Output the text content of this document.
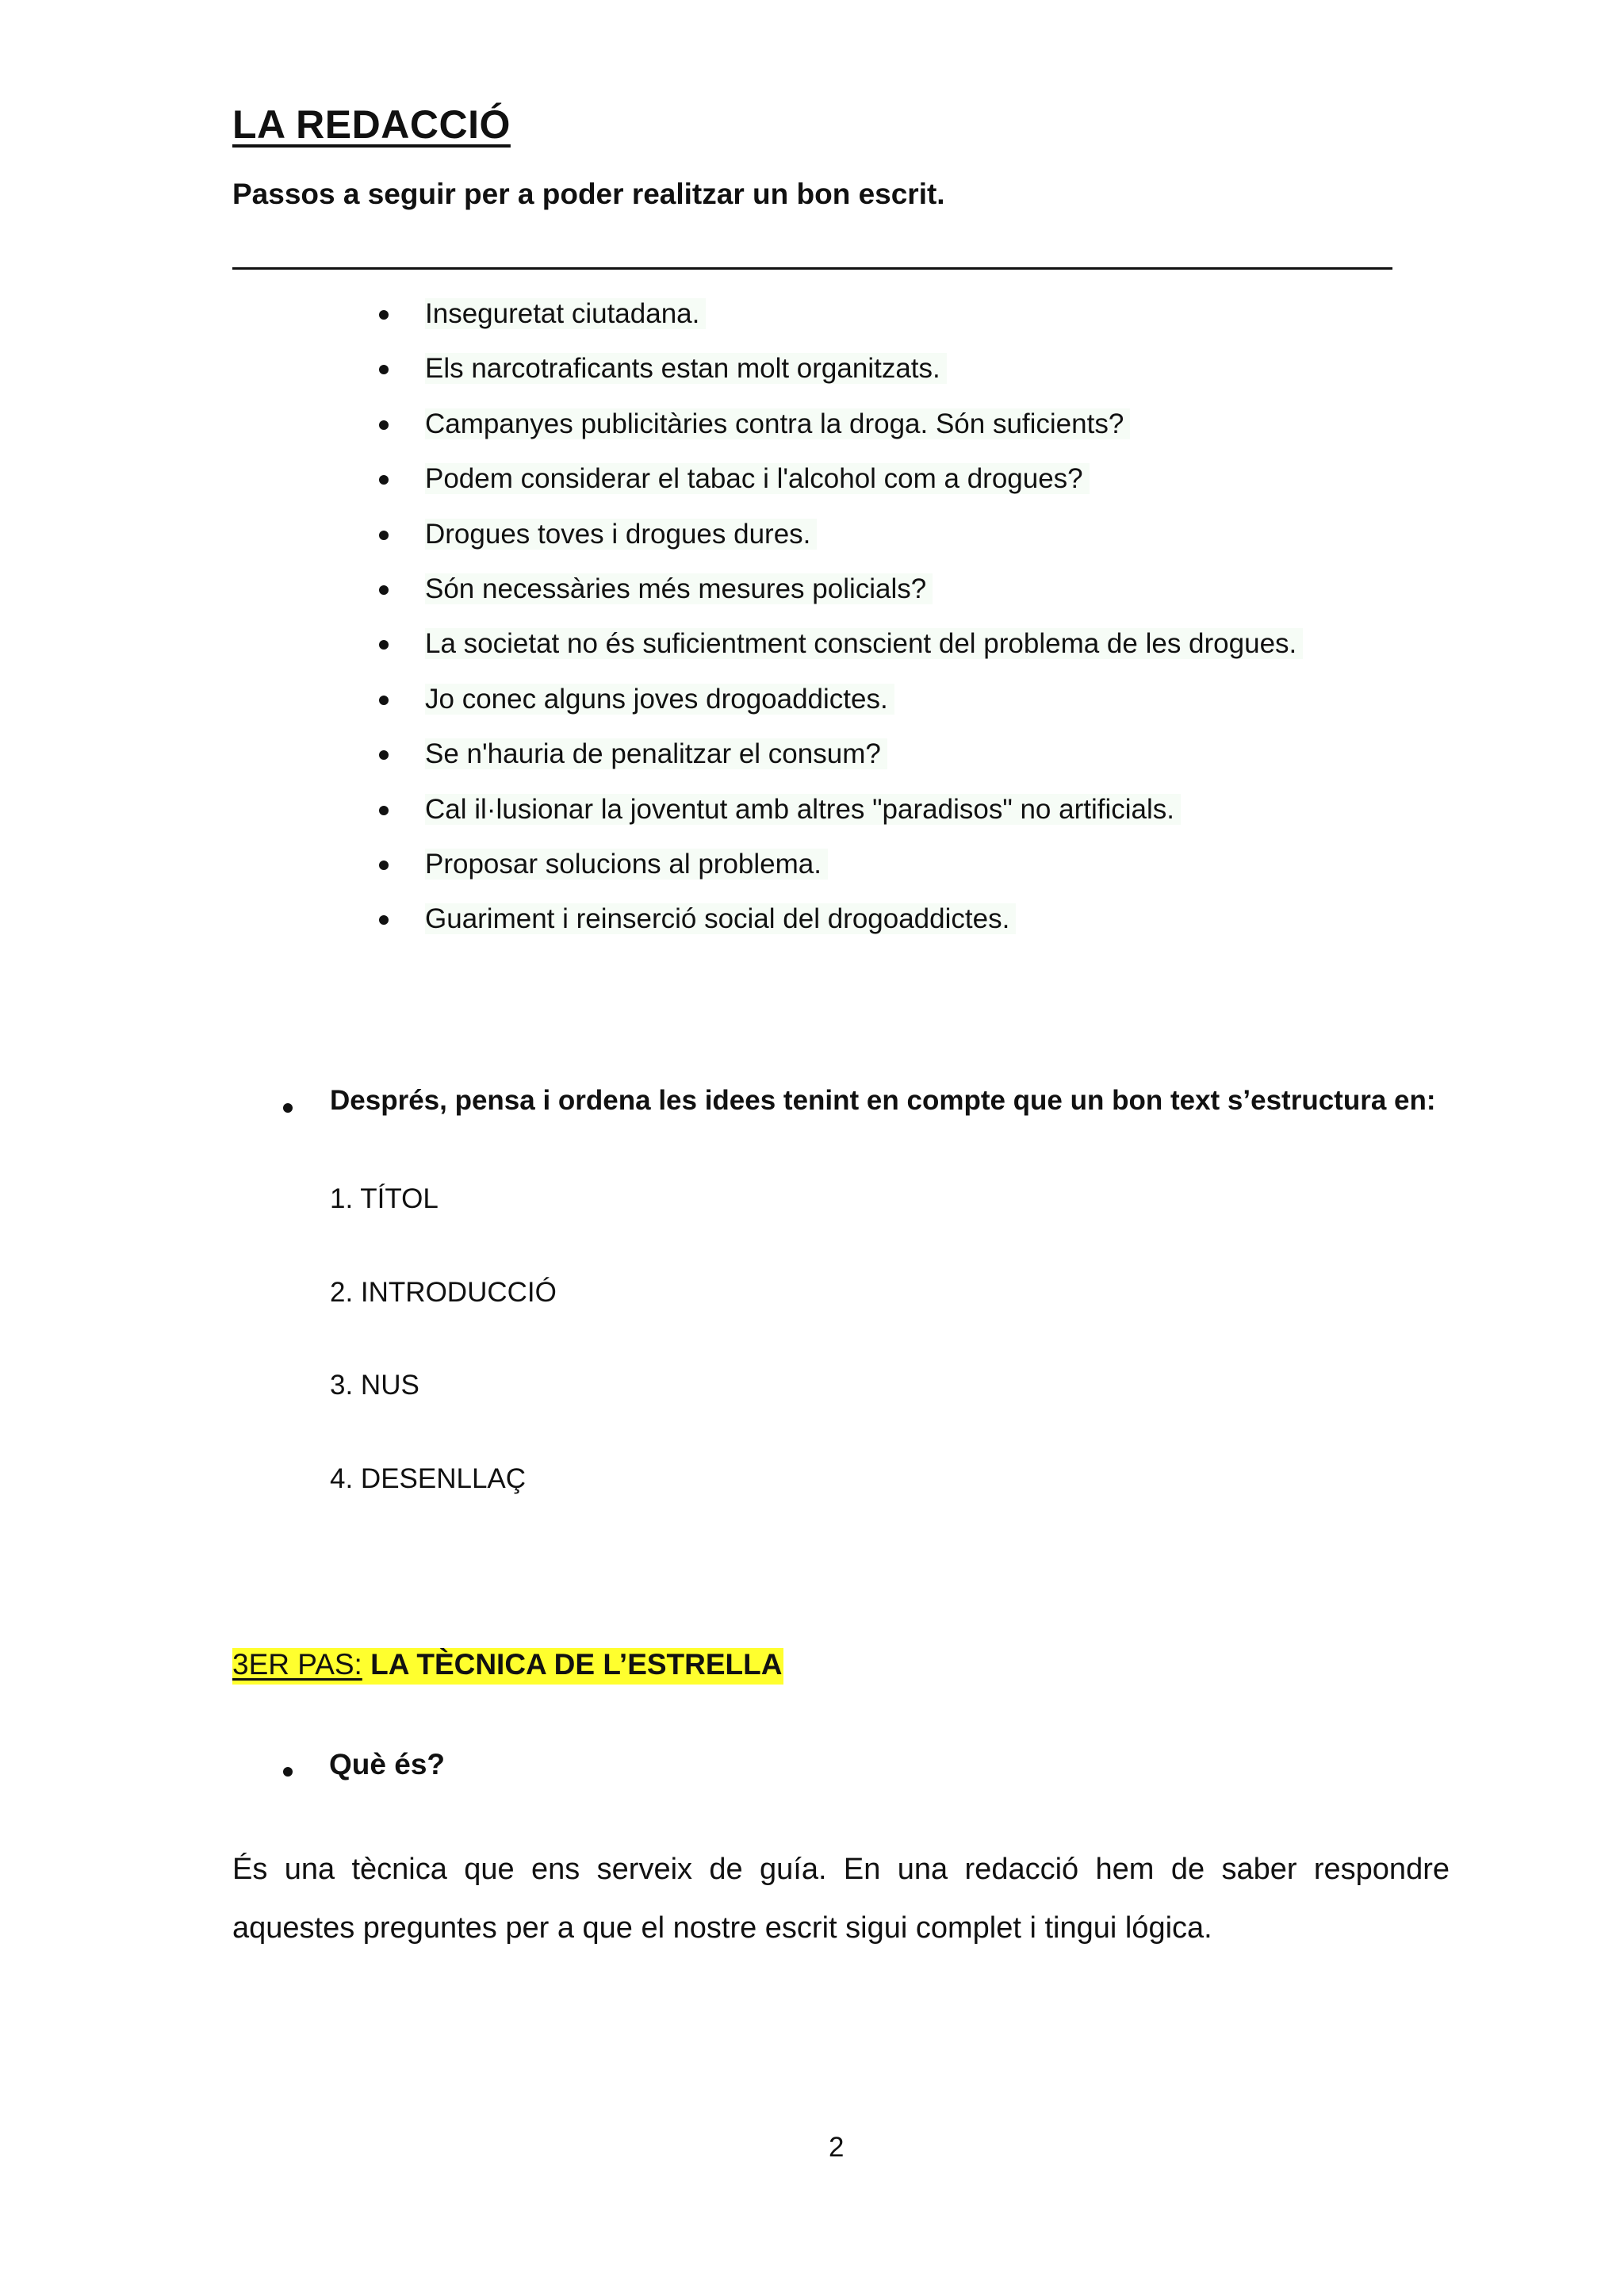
LA REDACCIÓ

Passos a seguir per a poder realitzar un bon escrit.

Inseguretat ciutadana.
Els narcotraficants estan molt organitzats.
Campanyes publicitàries contra la droga. Són suficients?
Podem considerar el tabac i l'alcohol com a drogues?
Drogues toves i drogues dures.
Són necessàries més mesures policials?
La societat no és suficientment conscient del problema de les drogues.
Jo conec alguns joves drogoaddictes.
Se n'hauria de penalitzar el consum?
Cal il·lusionar la joventut amb altres "paradisos" no artificials.
Proposar solucions al problema.
Guariment i reinserció social del drogoaddictes.
Després, pensa i ordena les idees tenint en compte que un bon text s’estructura en:
1. TÍTOL
2. INTRODUCCIÓ
3. NUS
4. DESENLLAÇ
3ER PAS: LA TÈCNICA DE L’ESTRELLA
Què és?

És una tècnica que ens serveix de guía. En una redacció hem de saber respondre aquestes preguntes per a que el nostre escrit sigui complet i tingui lógica.

2
